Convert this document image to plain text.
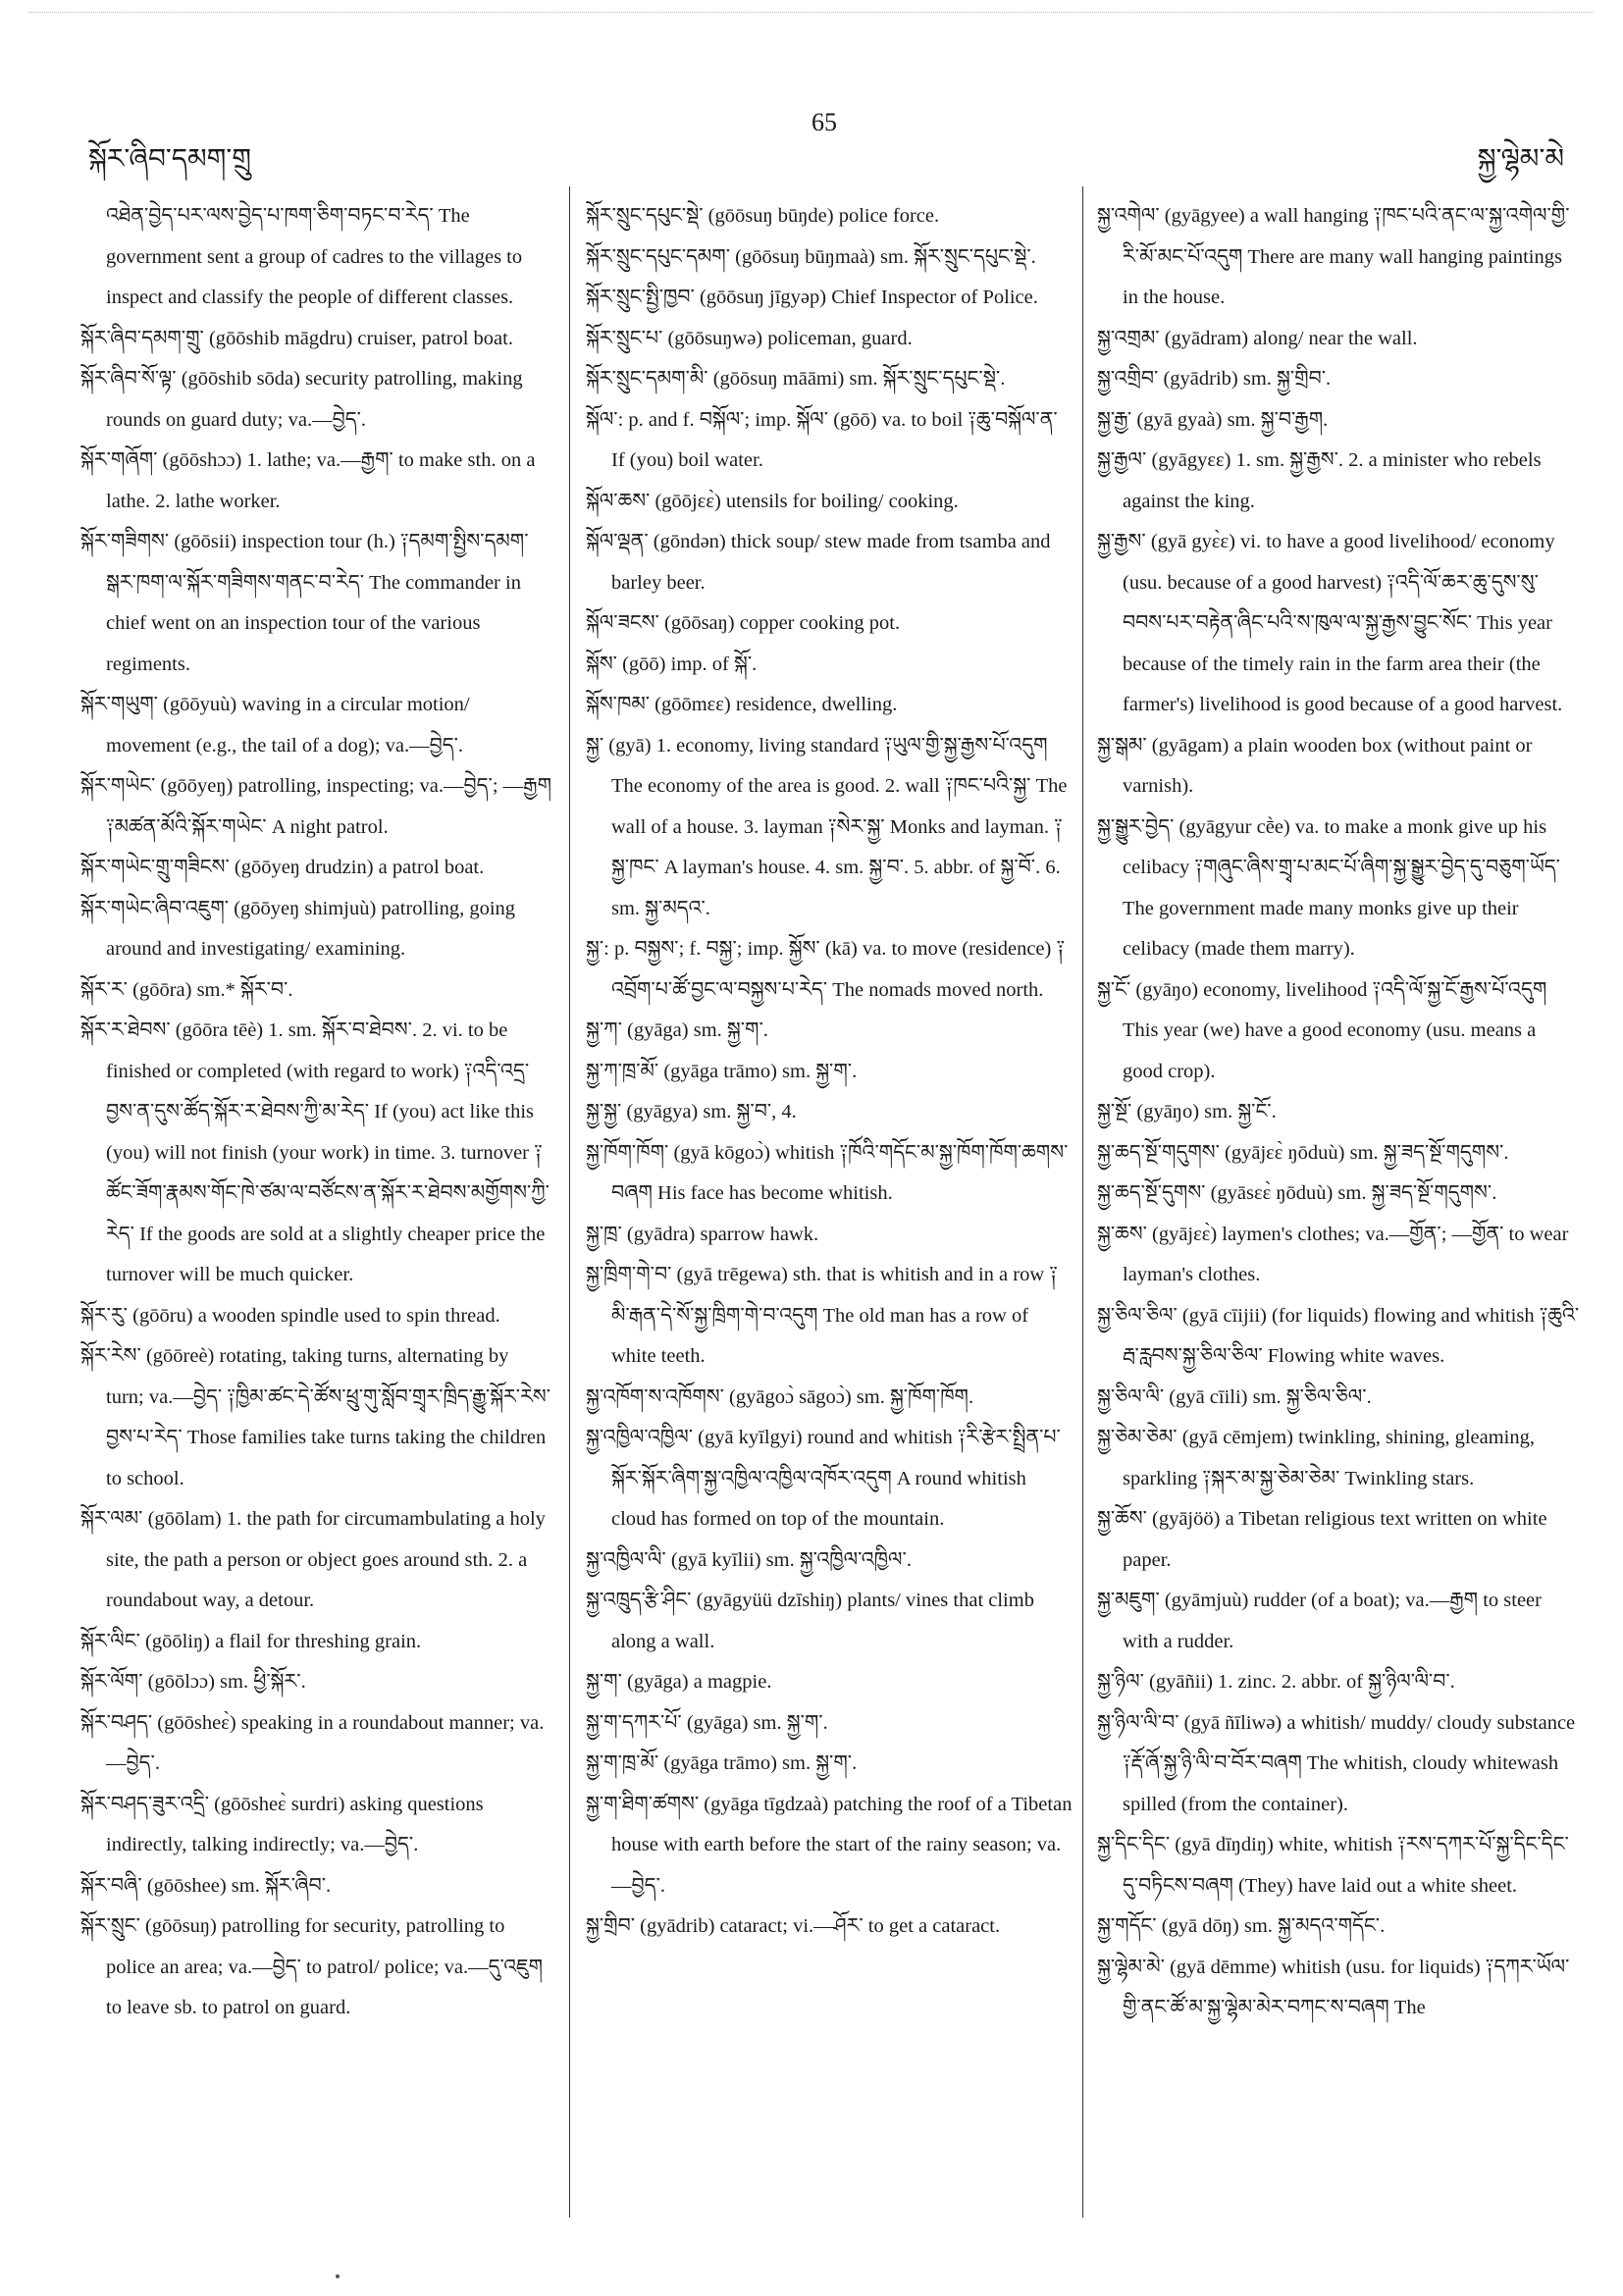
སྐོར་ཞིབ་དམག་གྲུ
65
སྐྱ་ལྷེམ་མེ

འཐེན་བྱེད་པར་ལས་བྱེད་པ་ཁག་ཅིག་བཏང་བ་རེད་ The government sent a group of cadres to the villages to inspect and classify the people of different classes.

སྐོར་ཞིབ་དམག་གྲུ་ (gōōshib māgdru) cruiser, patrol boat.

སྐོར་ཞིབ་སོ་ལྟ་ (gōōshib sōda) security patrolling, making rounds on guard duty; va.—བྱེད་.

སྐོར་གཞོག་ (gōōshɔɔ) 1. lathe; va.—རྒྱག་ to make sth. on a lathe. 2. lathe worker.

སྐོར་གཟིགས་ (gōōsii) inspection tour (h.) ༑དམག་སྤྱིས་དམག་སྒར་ཁག་ལ་སྐོར་གཟིགས་གནང་བ་རེད་ The commander in chief went on an inspection tour of the various regiments.

སྐོར་གཡུག་ (gōōyuù) waving in a circular motion/ movement (e.g., the tail of a dog); va.—བྱེད་.

སྐོར་གཡེང་ (gōōyeŋ) patrolling, inspecting; va.—བྱེད་; —རྒྱག ༑མཚན་མོའི་སྐོར་གཡེང་ A night patrol.

སྐོར་གཡེང་གྲུ་གཟིངས་ (gōōyeŋ drudzin) a patrol boat.

སྐོར་གཡེང་ཞིབ་འཇུག་ (gōōyeŋ shimjuù) patrolling, going around and investigating/ examining.

སྐོར་ར་ (gōōra) sm.* སྐོར་བ་.

སྐོར་ར་ཐེབས་ (gōōra tēè) 1. sm. སྐོར་བ་ཐེབས་. 2. vi. to be finished or completed (with regard to work) ༑འདི་འདྲ་བྱས་ན་དུས་ཚོད་སྐོར་ར་ཐེབས་ཀྱི་མ་རེད་ If (you) act like this (you) will not finish (your work) in time. 3. turnover ༑ཚོང་ཟོག་རྣམས་གོང་ཁེ་ཙམ་ལ་བཙོངས་ན་སྐོར་ར་ཐེབས་མགྱོགས་ཀྱི་རེད་ If the goods are sold at a slightly cheaper price the turnover will be much quicker.

སྐོར་རུ་ (gōōru) a wooden spindle used to spin thread.

སྐོར་རེས་ (gōōreè) rotating, taking turns, alternating by turn; va.—བྱེད་ ༑ཁྱིམ་ཚང་དེ་ཚོས་ཕྲུ་གུ་སློབ་གྲྭར་ཁྲིད་རྒྱུ་སྐོར་རེས་བྱས་པ་རེད་ Those families take turns taking the children to school.

སྐོར་ལམ་ (gōōlam) 1. the path for circumambulating a holy site, the path a person or object goes around sth. 2. a roundabout way, a detour.

སྐོར་ལིང་ (gōōliŋ) a flail for threshing grain.

སྐོར་ལོག་ (gōōlɔɔ) sm. ཕྱི་སྐོར་.

སྐོར་བཤད་ (gōōsheɛ̀) speaking in a roundabout manner; va.—བྱེད་.

སྐོར་བཤད་ཟུར་འདྲི་ (gōōsheɛ̀ surdri) asking questions indirectly, talking indirectly; va.—བྱེད་.

སྐོར་བཞི་ (gōōshee) sm. སྐོར་ཞིབ་.

སྐོར་སྲུང་ (gōōsuŋ) patrolling for security, patrolling to police an area; va.—བྱེད་ to patrol/ police; va.—དུ་འཇུག to leave sb. to patrol on guard.

སྐོར་སྲུང་དཔུང་སྡེ་ (gōōsuŋ būŋde) police force.

སྐོར་སྲུང་དཔུང་དམག་ (gōōsuŋ būŋmaà) sm. སྐོར་སྲུང་དཔུང་སྡེ་.

སྐོར་སྲུང་སྤྱི་ཁྱབ་ (gōōsuŋ jīgyəp) Chief Inspector of Police.

སྐོར་སྲུང་པ་ (gōōsuŋwə) policeman, guard.

སྐོར་སྲུང་དམག་མི་ (gōōsuŋ māāmi) sm. སྐོར་སྲུང་དཔུང་སྡེ་.

སྐོལ་: p. and f. བསྐོལ་; imp. སྐོལ་ (gōō) va. to boil ༑ཆུ་བསྐོལ་ན་ If (you) boil water.

སྐོལ་ཆས་ (gōōjɛɛ̀) utensils for boiling/ cooking.

སྐོལ་ལྡན་ (gōndən) thick soup/ stew made from tsamba and barley beer.

སྐོལ་ཟངས་ (gōōsaŋ) copper cooking pot.

སྐོས་ (gōō) imp. of སྐོ་.

སྐོས་ཁམ་ (gōōmɛɛ) residence, dwelling.

སྐྱ་ (gyā) 1. economy, living standard ༑ཡུལ་གྱི་སྐྱ་རྒྱས་པོ་འདུག The economy of the area is good. 2. wall ༑ཁང་པའི་སྐྱ་ The wall of a house. 3. layman ༑སེར་སྐྱ་ Monks and layman. ༑སྐྱ་ཁང་ A layman's house. 4. sm. སྐྱ་བ་. 5. abbr. of སྐྱ་བོ་. 6. sm. སྐྱ་མདའ་.

སྐྱ་: p. བསྐྱས་; f. བསྐྱ་; imp. སྐྱོས་ (kā) va. to move (residence) ༑འབྲོག་པ་ཚོ་བྱང་ལ་བསྐྱས་པ་རེད་ The nomads moved north.

སྐྱ་ཀ་ (gyāga) sm. སྐྱ་ག་.

སྐྱ་ཀ་ཁྲ་མོ་ (gyāga trāmo) sm. སྐྱ་ག་.

སྐྱ་སྐྱ་ (gyāgya) sm. སྐྱ་བ་, 4.

སྐྱ་ཁོག་ཁོག་ (gyā kōgoɔ̀) whitish ༑ཁོའི་གདོང་མ་སྐྱ་ཁོག་ཁོག་ཆགས་བཞག His face has become whitish.

སྐྱ་ཁྲ་ (gyādra) sparrow hawk.

སྐྱ་ཁྲིག་གེ་བ་ (gyā trēgewa) sth. that is whitish and in a row ༑མི་རྒན་དེ་སོ་སྐྱ་ཁྲིག་གེ་བ་འདུག The old man has a row of white teeth.

སྐྱ་འཁོག་ས་འཁོགས་ (gyāgoɔ̀ sāgoɔ̀) sm. སྐྱ་ཁོག་ཁོག.

སྐྱ་འཁྱིལ་འཁྱིལ་ (gyā kyīlgyi) round and whitish ༑རི་རྩེར་སྤྲིན་པ་སྐོར་སྐོར་ཞིག་སྐྱ་འཁྱིལ་འཁྱིལ་འཁོར་འདུག A round whitish cloud has formed on top of the mountain.

སྐྱ་འཁྱིལ་ལི་ (gyā kyīlii) sm. སྐྱ་འཁྱིལ་འཁྱིལ་.

སྐྱ་འཁྲུད་རྩི་ཤིང་ (gyāgyüü dzīshiŋ) plants/ vines that climb along a wall.

སྐྱ་ག་ (gyāga) a magpie.

སྐྱ་ག་དཀར་པོ་ (gyāga) sm. སྐྱ་ག་.

སྐྱ་ག་ཁྲ་མོ་ (gyāga trāmo) sm. སྐྱ་ག་.

སྐྱ་ག་ཐིག་ཚགས་ (gyāga tīgdzaà) patching the roof of a Tibetan house with earth before the start of the rainy season; va.—བྱེད་.

སྐྱ་གྲིབ་ (gyādrib) cataract; vi.—ཤོར་ to get a cataract.

སྐྱ་འགེལ་ (gyāgyee) a wall hanging ༑ཁང་པའི་ནང་ལ་སྐྱ་འགེལ་གྱི་རི་མོ་མང་པོ་འདུག There are many wall hanging paintings in the house.

སྐྱ་འགྲམ་ (gyādram) along/ near the wall.

སྐྱ་འགྲིབ་ (gyādrib) sm. སྐྱ་གྲིབ་.

སྐྱ་རྒྱ་ (gyā gyaà) sm. སྐྱ་བ་རྒྱག.

སྐྱ་རྒྱལ་ (gyāgyɛɛ) 1. sm. སྐྱ་རྒྱས་. 2. a minister who rebels against the king.

སྐྱ་རྒྱས་ (gyā gyɛ̀ɛ) vi. to have a good livelihood/ economy (usu. because of a good harvest) ༑འདི་ལོ་ཆར་ཆུ་དུས་སུ་བབས་པར་བརྟེན་ཞིང་པའི་ས་ཁུལ་ལ་སྐྱ་རྒྱས་བྱུང་སོང་ This year because of the timely rain in the farm area their (the farmer's) livelihood is good because of a good harvest.

སྐྱ་སྒམ་ (gyāgam) a plain wooden box (without paint or varnish).

སྐྱ་སྒྱུར་བྱེད་ (gyāgyur cḕe) va. to make a monk give up his celibacy ༑གཞུང་ཞིས་གྲྭ་པ་མང་པོ་ཞིག་སྐྱ་སྒྱུར་བྱེད་དུ་བཅུག་ཡོད་ The government made many monks give up their celibacy (made them marry).

སྐྱ་ངོ་ (gyāŋo) economy, livelihood ༑འདི་ལོ་སྐྱ་ངོ་རྒྱས་པོ་འདུག This year (we) have a good economy (usu. means a good crop).

སྐྱ་སྔོ་ (gyāŋo) sm. སྐྱ་ངོ་.

སྐྱ་ཆད་སྔོ་གདུགས་ (gyājɛɛ̀ ŋōduù) sm. སྐྱ་ཟད་སྔོ་གདུགས་.

སྐྱ་ཆད་སྔོ་དུགས་ (gyāsɛɛ̀ ŋōduù) sm. སྐྱ་ཟད་སྔོ་གདུགས་.

སྐྱ་ཆས་ (gyājɛɛ̀) laymen's clothes; va.—གྱོན་; —གྱོན་ to wear layman's clothes.

སྐྱ་ཅིལ་ཅིལ་ (gyā cīijii) (for liquids) flowing and whitish ༑ཆུའི་རྦ་རླབས་སྐྱ་ཅིལ་ཅིལ་ Flowing white waves.

སྐྱ་ཅིལ་ལི་ (gyā cīili) sm. སྐྱ་ཅིལ་ཅིལ་.

སྐྱ་ཅེམ་ཅེམ་ (gyā cēmjem) twinkling, shining, gleaming, sparkling ༑སྐར་མ་སྐྱ་ཅེམ་ཅེམ་ Twinkling stars.

སྐྱ་ཆོས་ (gyājöö) a Tibetan religious text written on white paper.

སྐྱ་མཇུག་ (gyāmjuù) rudder (of a boat); va.—རྒྱག to steer with a rudder.

སྐྱ་ཉིལ་ (gyāñii) 1. zinc. 2. abbr. of སྐྱ་ཉིལ་ལི་བ་.

སྐྱ་ཉིལ་ལི་བ་ (gyā ñīliwə) a whitish/ muddy/ cloudy substance ༑རྡོ་ཞོ་སྐྱ་ཉི་ལི་བ་བོར་བཞག The whitish, cloudy whitewash spilled (from the container).

སྐྱ་དིང་དིང་ (gyā dīŋdiŋ) white, whitish ༑རས་དཀར་པོ་སྐྱ་དིང་དིང་དུ་བཏིངས་བཞག (They) have laid out a white sheet.

སྐྱ་གདོང་ (gyā dōŋ) sm. སྐྱ་མདའ་གདོང་.

སྐྱ་ལྷེམ་མེ་ (gyā dēmme) whitish (usu. for liquids) ༑དཀར་ཡོལ་གྱི་ནང་ཚོ་མ་སྐྱ་ལྷེམ་མེར་བཀང་ས་བཞག The
